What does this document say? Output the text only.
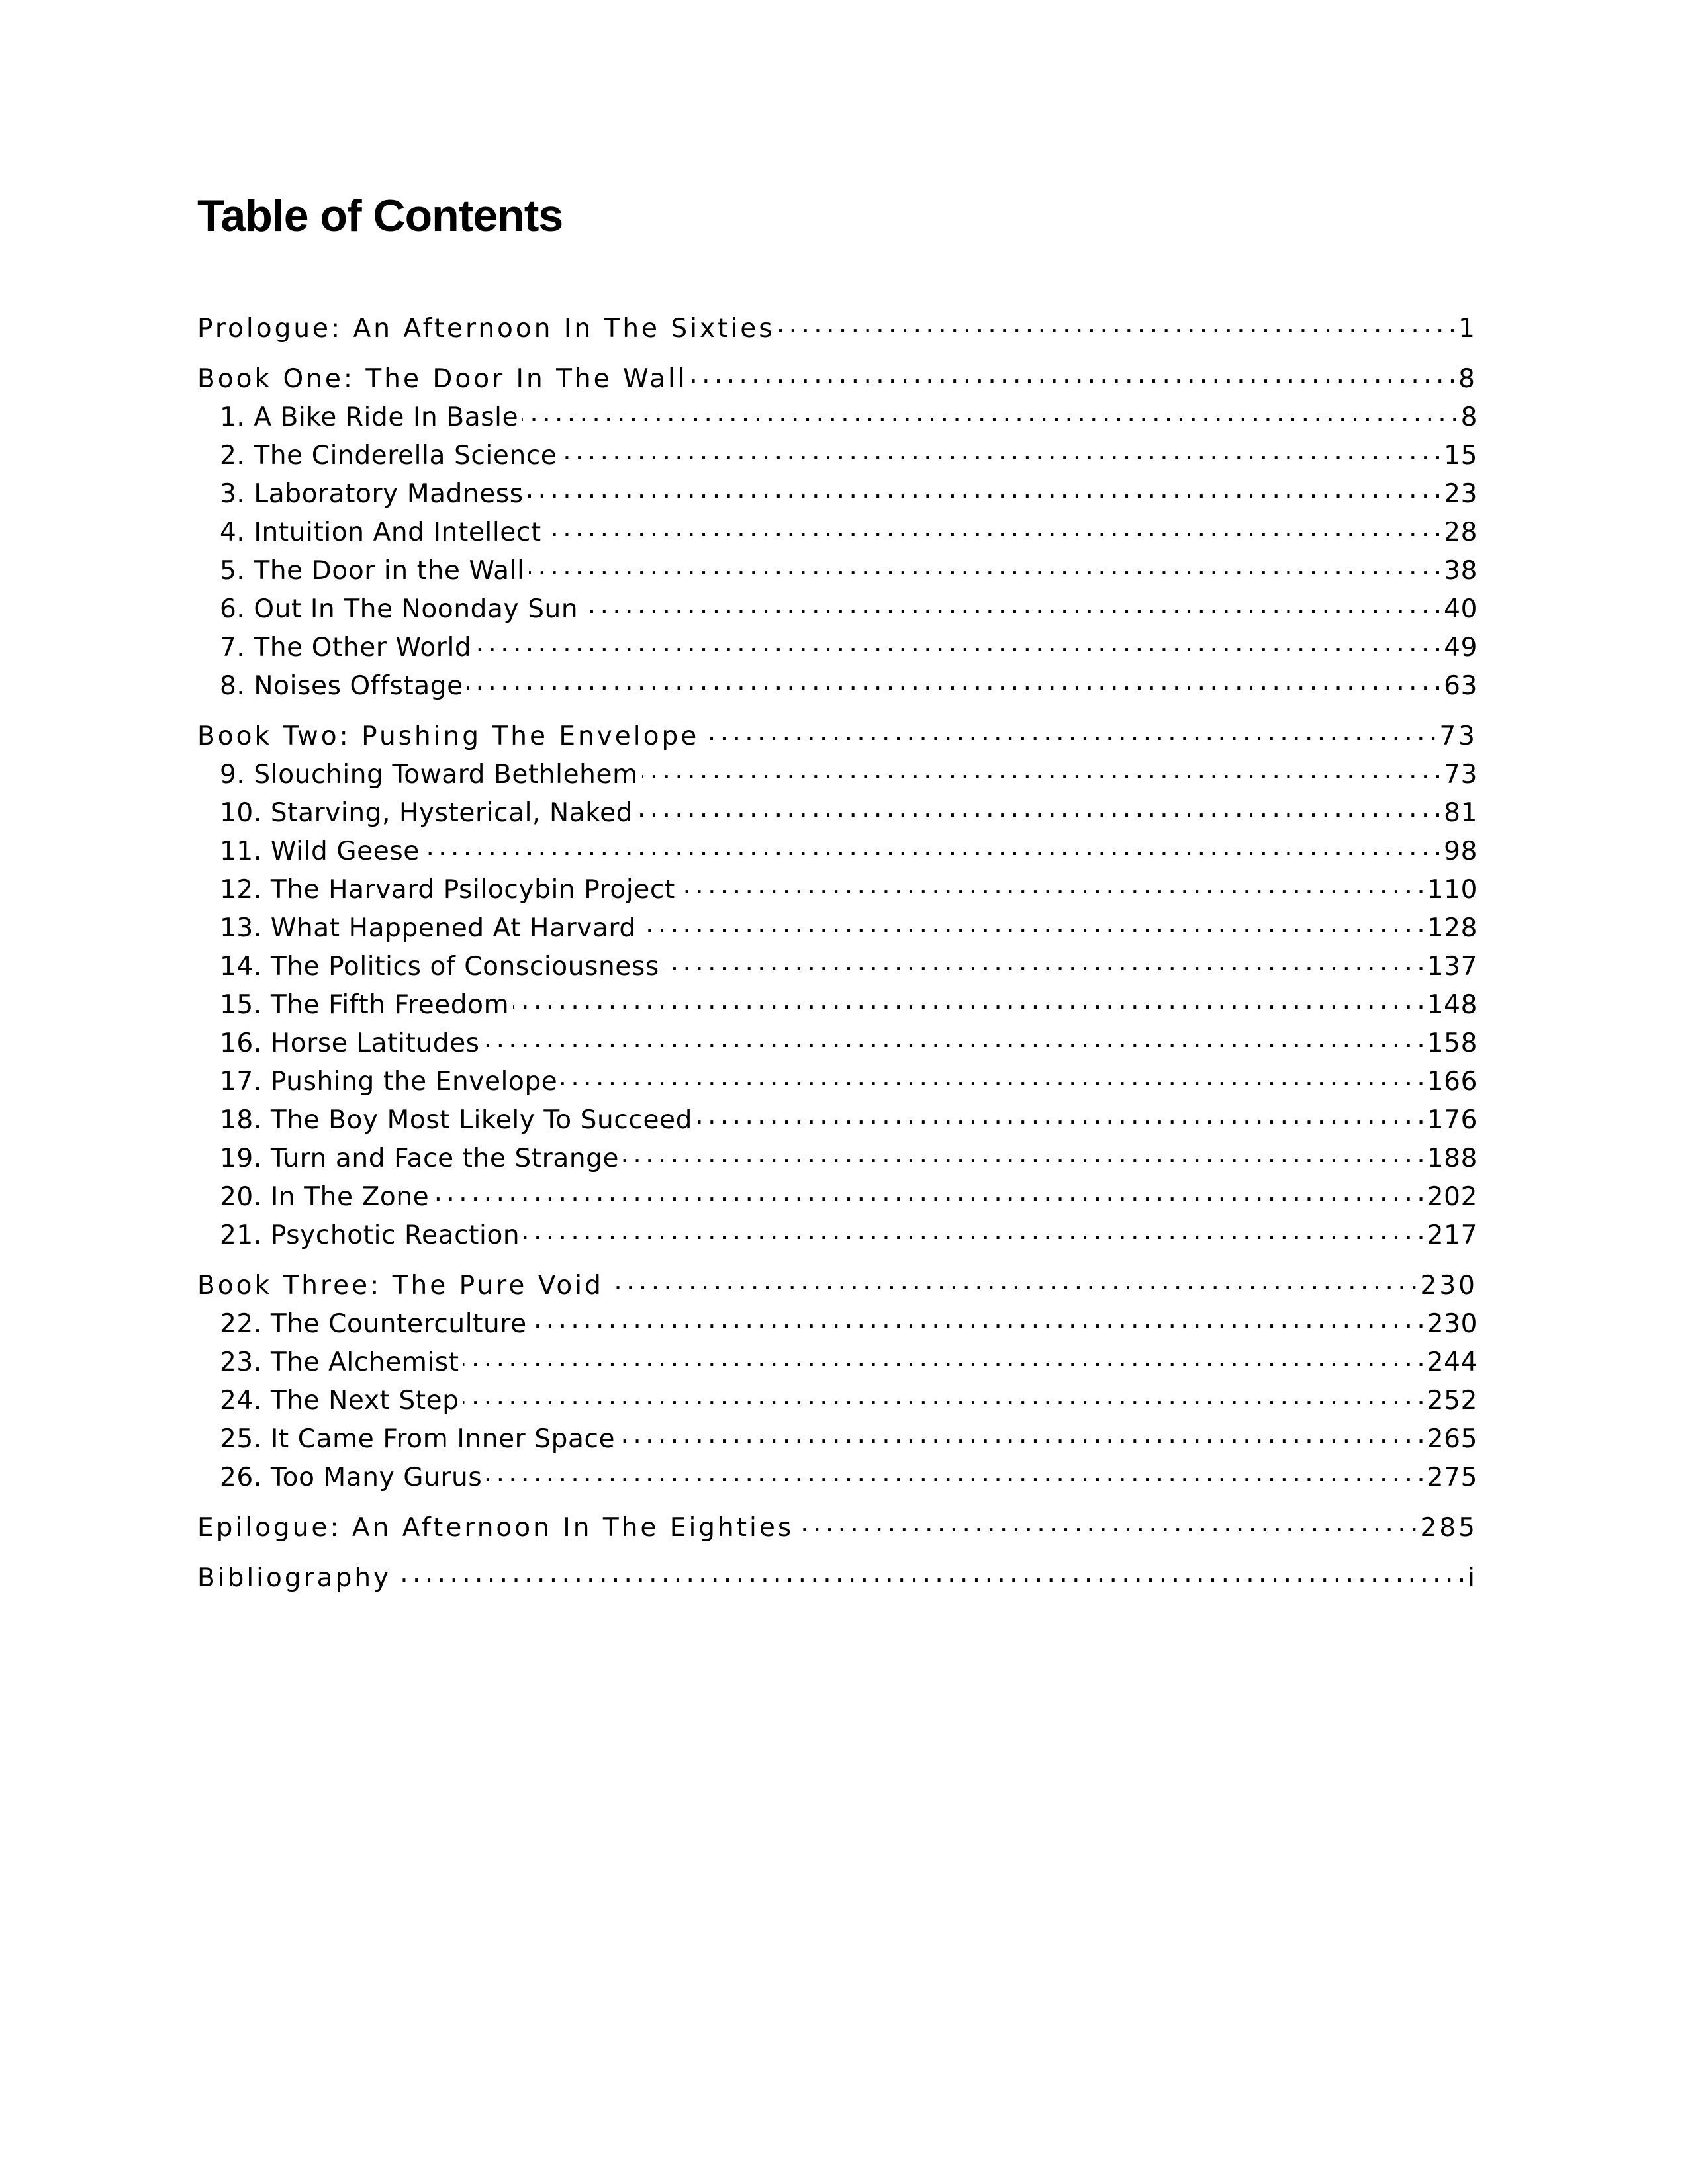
Table of Contents
Prologue: An Afternoon In The Sixties . . .	1
Book One: The Door In The Wall . . .	8
1. A Bike Ride In Basle . . .	8
2. The Cinderella Science . . .	15
3. Laboratory Madness . . .	23
4. Intuition And Intellect . . .	28
5. The Door in the Wall . . .	38
6. Out In The Noonday Sun . . .	40
7. The Other World . . .	49
8. Noises Offstage . . .	63
Book Two: Pushing The Envelope . . .	73
9. Slouching Toward Bethlehem . . .	73
10. Starving, Hysterical, Naked . . .	81
11. Wild Geese . . .	98
12. The Harvard Psilocybin Project . . .	110
13. What Happened At Harvard . . .	128
14. The Politics of Consciousness . . .	137
15. The Fifth Freedom . . .	148
16. Horse Latitudes . . .	158
17. Pushing the Envelope . . .	166
18. The Boy Most Likely To Succeed . . .	176
19. Turn and Face the Strange . . .	188
20. In The Zone . . .	202
21. Psychotic Reaction . . .	217
Book Three: The Pure Void . . .	230
22. The Counterculture . . .	230
23. The Alchemist . . .	244
24. The Next Step . . .	252
25. It Came From Inner Space . . .	265
26. Too Many Gurus . . .	275
Epilogue: An Afternoon In The Eighties . . .	285
Bibliography . . .	i
